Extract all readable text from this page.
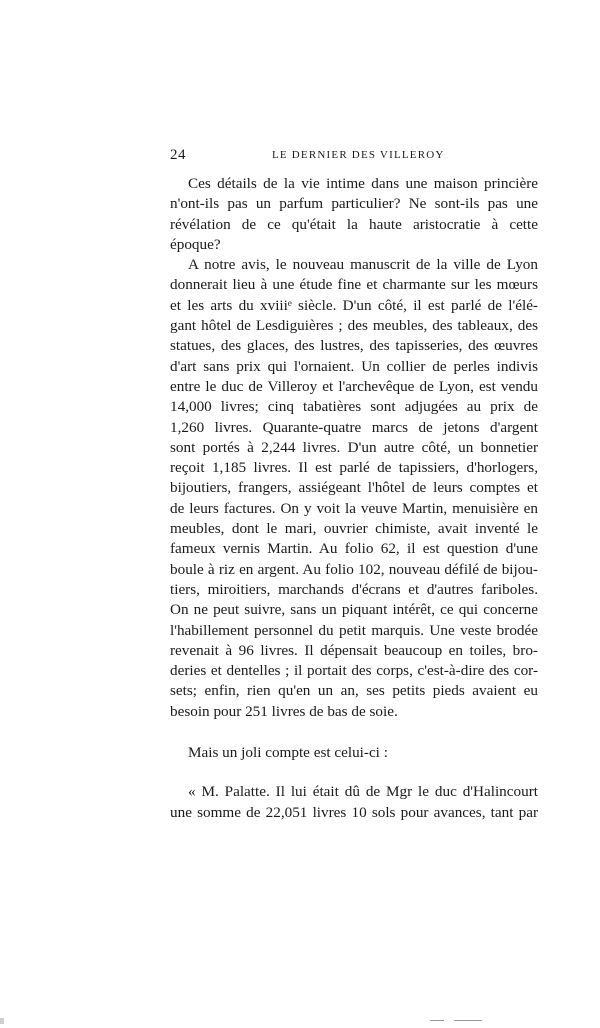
24	LE DERNIER DES VILLEROY
Ces détails de la vie intime dans une maison princière
n'ont-ils pas un parfum particulier? Ne sont-ils pas une
révélation de ce qu'était la haute aristocratie à cette
époque?
A notre avis, le nouveau manuscrit de la ville de Lyon
donnerait lieu à une étude fine et charmante sur les mœurs
et les arts du xviiiᵉ siècle. D'un côté, il est parlé de l'élé-
gant hôtel de Lesdiguières ; des meubles, des tableaux, des
statues, des glaces, des lustres, des tapisseries, des œuvres
d'art sans prix qui l'ornaient. Un collier de perles indivis
entre le duc de Villeroy et l'archevêque de Lyon, est vendu
14,000 livres; cinq tabatières sont adjugées au prix de
1,260 livres. Quarante-quatre marcs de jetons d'argent
sont portés à 2,244 livres. D'un autre côté, un bonnetier
reçoit 1,185 livres. Il est parlé de tapissiers, d'horlogers,
bijoutiers, frangers, assiégeant l'hôtel de leurs comptes et
de leurs factures. On y voit la veuve Martin, menuisière en
meubles, dont le mari, ouvrier chimiste, avait inventé le
fameux vernis Martin. Au folio 62, il est question d'une
boule à riz en argent. Au folio 102, nouveau défilé de bijou-
tiers, miroitiers, marchands d'écrans et d'autres fariboles.
On ne peut suivre, sans un piquant intérêt, ce qui concerne
l'habillement personnel du petit marquis. Une veste brodée
revenait à 96 livres. Il dépensait beaucoup en toiles, bro-
deries et dentelles ; il portait des corps, c'est-à-dire des cor-
sets; enfin, rien qu'en un an, ses petits pieds avaient eu
besoin pour 251 livres de bas de soie.
Mais un joli compte est celui-ci :
« M. Palatte. Il lui était dû de Mgr le duc d'Halincourt
une somme de 22,051 livres 10 sols pour avances, tant par
